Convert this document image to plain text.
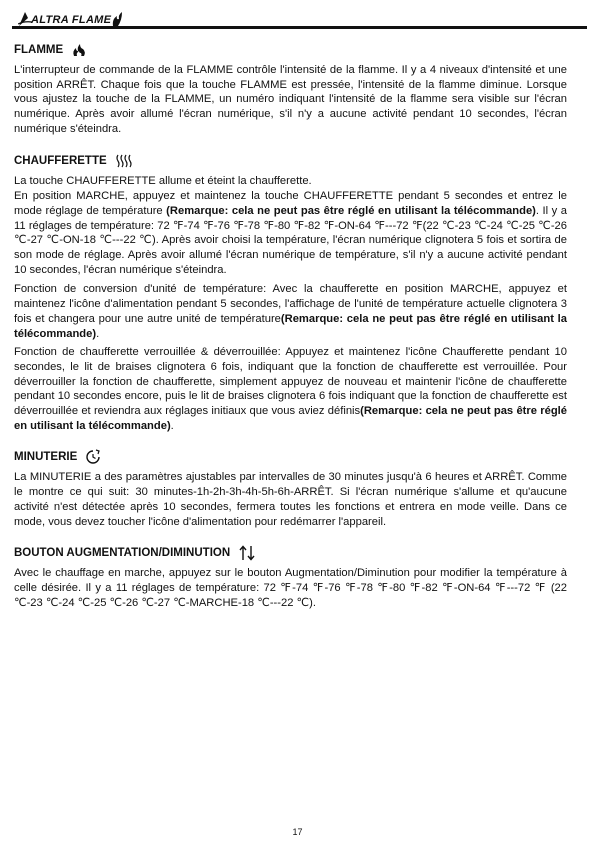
ALTRA FLAME
FLAMME

L'interrupteur de commande de la FLAMME contrôle l'intensité de la flamme. Il y a 4 niveaux d'intensité et une position ARRÊT. Chaque fois que la touche FLAMME est pressée, l'intensité de la flamme diminue. Lorsque vous ajustez la touche de la FLAMME, un numéro indiquant l'intensité de la flamme sera visible sur l'écran numérique. Après avoir allumé l'écran numérique, s'il n'y a aucune activité pendant 10 secondes, l'écran numérique s'éteindra.

CHAUFFERETTE

La touche CHAUFFERETTE allume et éteint la chaufferette.

En position MARCHE, appuyez et maintenez la touche CHAUFFERETTE pendant 5 secondes et entrez le mode réglage de température (Remarque: cela ne peut pas être réglé en utilisant la télécommande). Il y a 11 réglages de température: 72 ℉-74 ℉-76 ℉-78 ℉-80 ℉-82 ℉-ON-64 ℉---72 ℉(22 ℃-23 ℃-24 ℃-25 ℃-26 ℃-27 ℃-ON-18 ℃---22 ℃). Après avoir choisi la température, l'écran numérique clignotera 5 fois et sortira de son mode de réglage. Après avoir allumé l'écran numérique de température, s'il n'y a aucune activité pendant 10 secondes, l'écran numérique s'éteindra.

Fonction de conversion d'unité de température: Avec la chaufferette en position MARCHE, appuyez et maintenez l'icône d'alimentation pendant 5 secondes, l'affichage de l'unité de température actuelle clignotera 3 fois et changera pour une autre unité de température(Remarque: cela ne peut pas être réglé en utilisant la télécommande).

Fonction de chaufferette verrouillée & déverrouillée: Appuyez et maintenez l'icône Chaufferette pendant 10 secondes, le lit de braises clignotera 6 fois, indiquant que la fonction de chaufferette est verrouillée. Pour déverrouiller la fonction de chaufferette, simplement appuyez de nouveau et maintenir l'icône de chaufferette pendant 10 secondes encore, puis le lit de braises clignotera 6 fois indiquant que la fonction de chaufferette est déverrouillée et reviendra aux réglages initiaux que vous aviez définis(Remarque: cela ne peut pas être réglé en utilisant la télécommande).

MINUTERIE

La MINUTERIE a des paramètres ajustables par intervalles de 30 minutes jusqu'à 6 heures et ARRÊT. Comme le montre ce qui suit: 30 minutes-1h-2h-3h-4h-5h-6h-ARRÊT. Si l'écran numérique s'allume et qu'aucune activité n'est détectée après 10 secondes, fermera toutes les fonctions et entrera en mode veille. Dans ce mode, vous devez toucher l'icône d'alimentation pour redémarrer l'appareil.

BOUTON AUGMENTATION/DIMINUTION

Avec le chauffage en marche, appuyez sur le bouton Augmentation/Diminution pour modifier la température à celle désirée. Il y a 11 réglages de température: 72 ℉-74 ℉-76 ℉-78 ℉-80 ℉-82 ℉-ON-64 ℉---72 ℉ (22 ℃-23 ℃-24 ℃-25 ℃-26 ℃-27 ℃-MARCHE-18 ℃---22 ℃).

17
